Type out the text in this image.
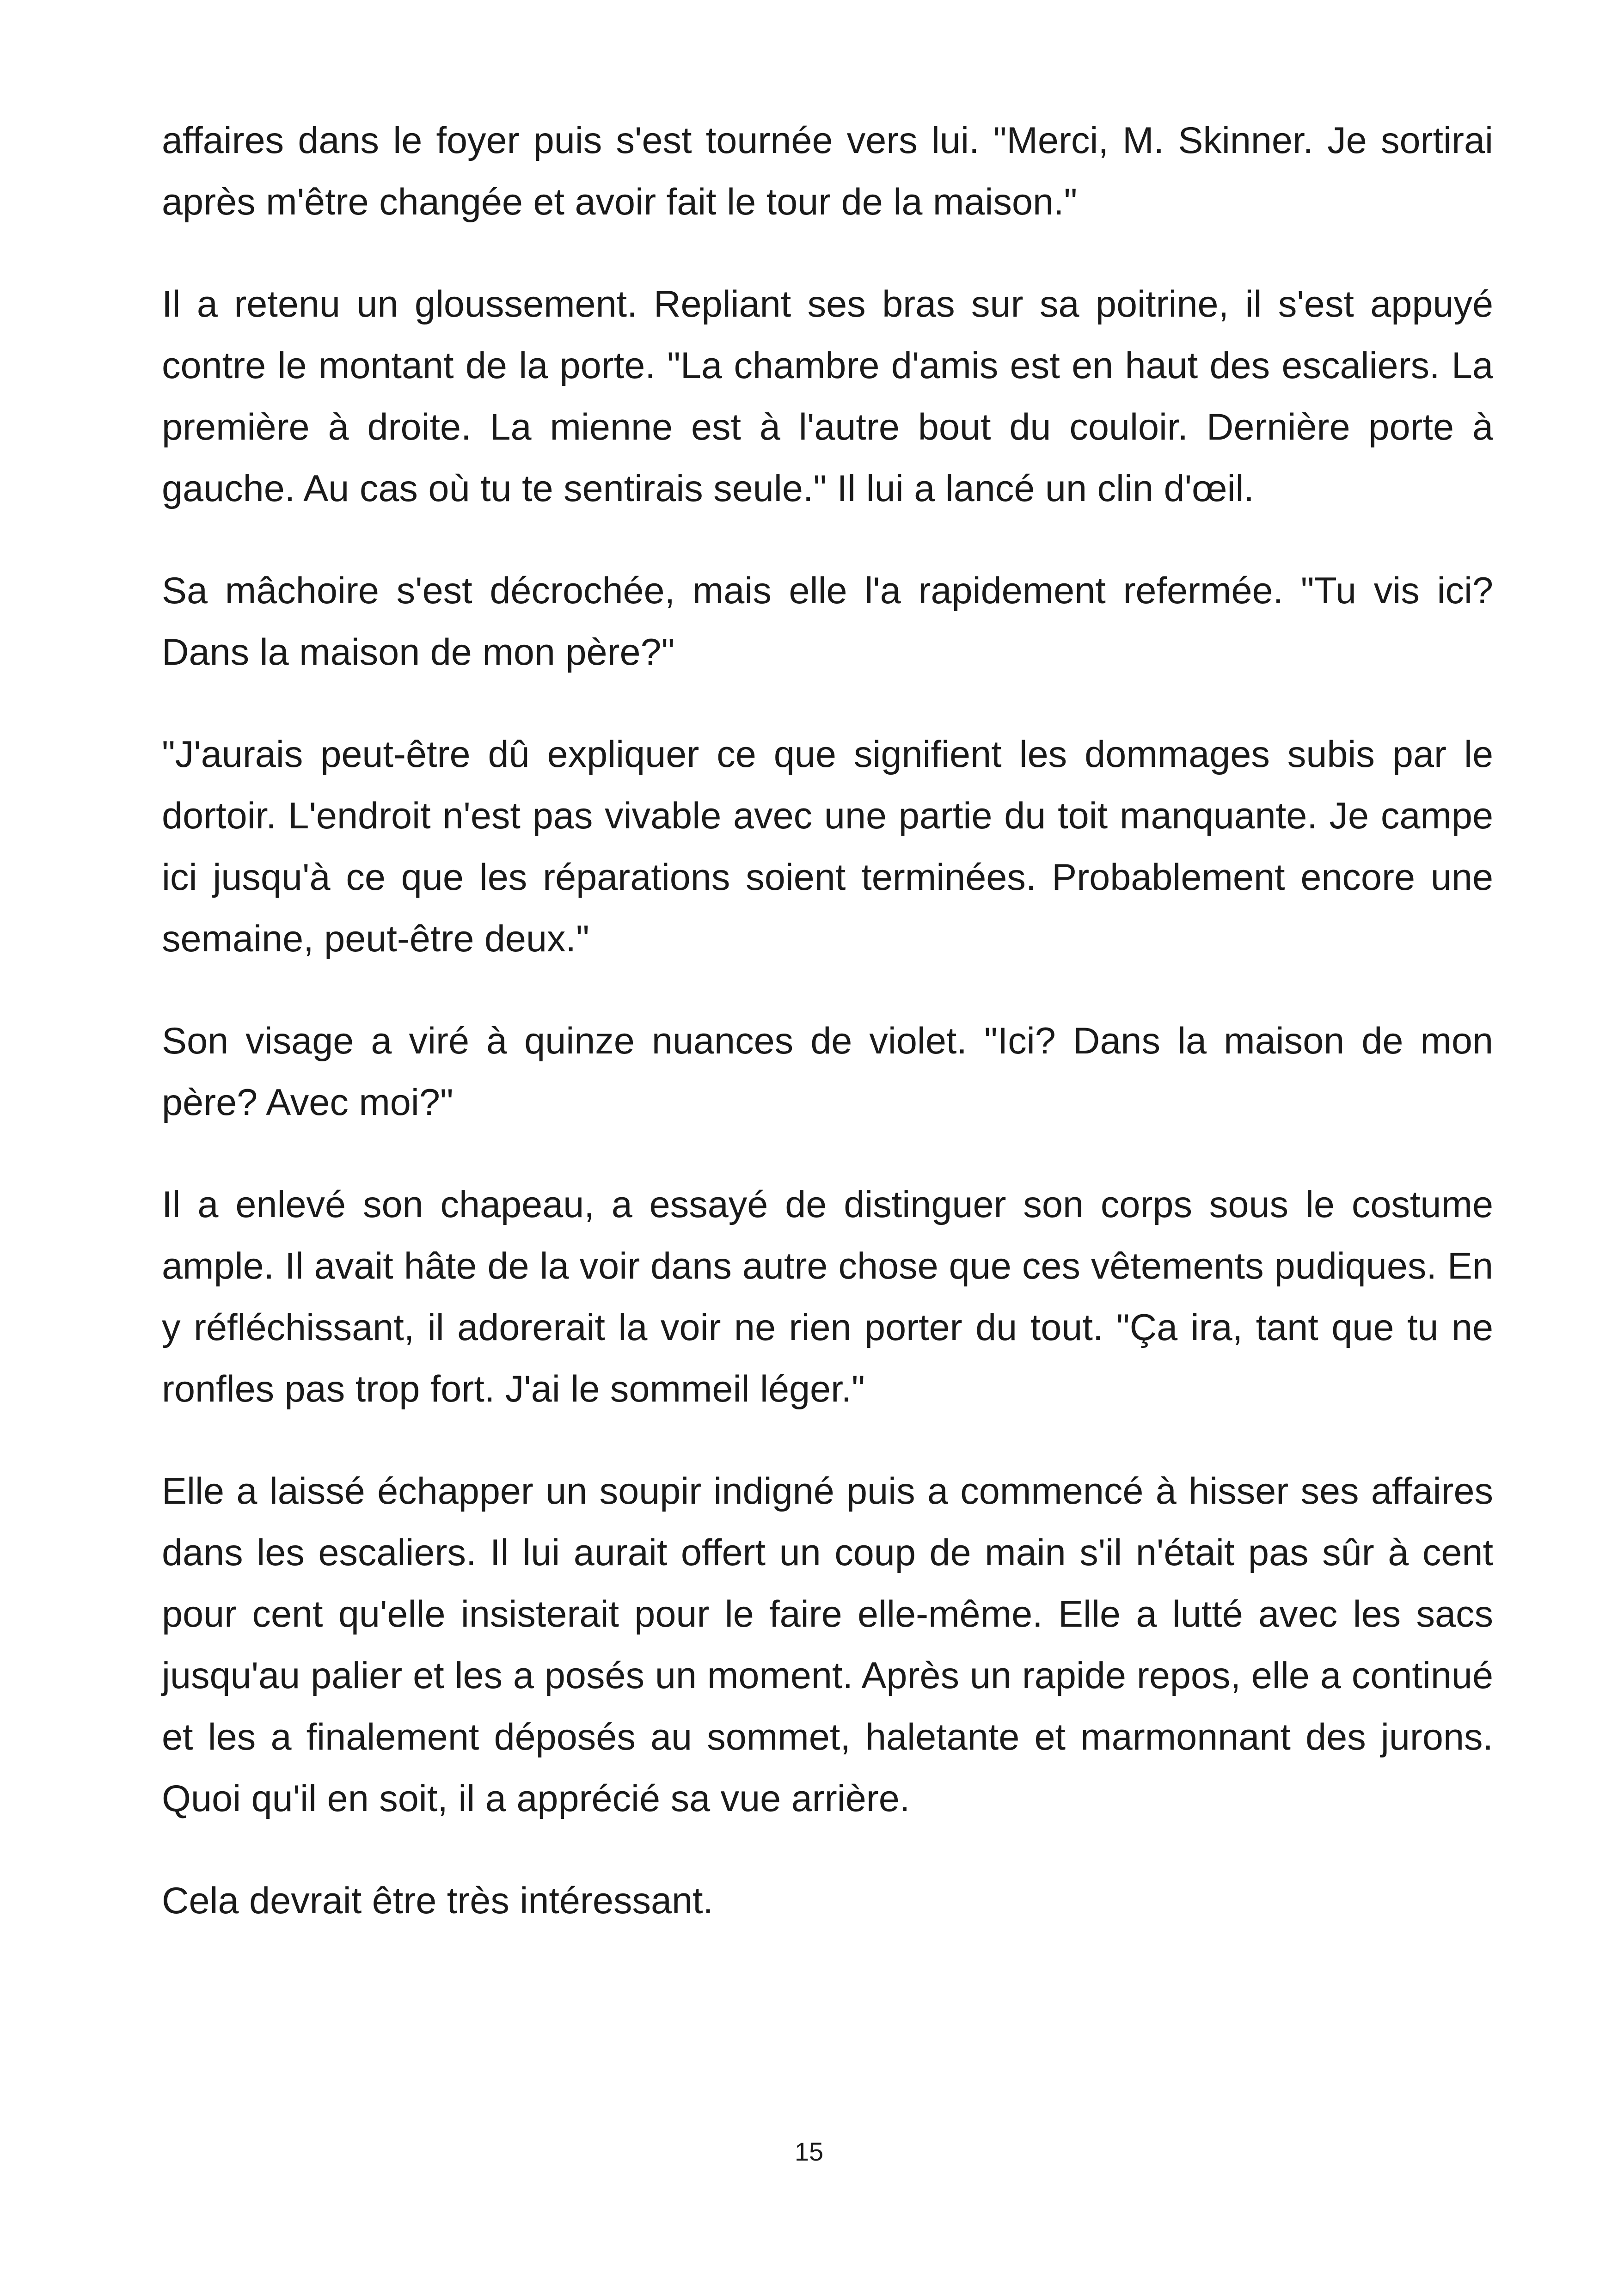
affaires dans le foyer puis s'est tournée vers lui. "Merci, M. Skinner. Je sortirai après m'être changée et avoir fait le tour de la maison."

Il a retenu un gloussement. Repliant ses bras sur sa poitrine, il s'est appuyé contre le montant de la porte. "La chambre d'amis est en haut des escaliers. La première à droite. La mienne est à l'autre bout du couloir. Dernière porte à gauche. Au cas où tu te sentirais seule." Il lui a lancé un clin d'œil.

Sa mâchoire s'est décrochée, mais elle l'a rapidement refermée. "Tu vis ici? Dans la maison de mon père?"

"J'aurais peut-être dû expliquer ce que signifient les dommages subis par le dortoir. L'endroit n'est pas vivable avec une partie du toit manquante. Je campe ici jusqu'à ce que les réparations soient terminées. Probablement encore une semaine, peut-être deux."

Son visage a viré à quinze nuances de violet. "Ici? Dans la maison de mon père? Avec moi?"

Il a enlevé son chapeau, a essayé de distinguer son corps sous le costume ample. Il avait hâte de la voir dans autre chose que ces vêtements pudiques. En y réfléchissant, il adorerait la voir ne rien porter du tout. "Ça ira, tant que tu ne ronfles pas trop fort. J'ai le sommeil léger."

Elle a laissé échapper un soupir indigné puis a commencé à hisser ses affaires dans les escaliers. Il lui aurait offert un coup de main s'il n'était pas sûr à cent pour cent qu'elle insisterait pour le faire elle-même. Elle a lutté avec les sacs jusqu'au palier et les a posés un moment. Après un rapide repos, elle a continué et les a finalement déposés au sommet, haletante et marmonnant des jurons. Quoi qu'il en soit, il a apprécié sa vue arrière.

Cela devrait être très intéressant.

15
